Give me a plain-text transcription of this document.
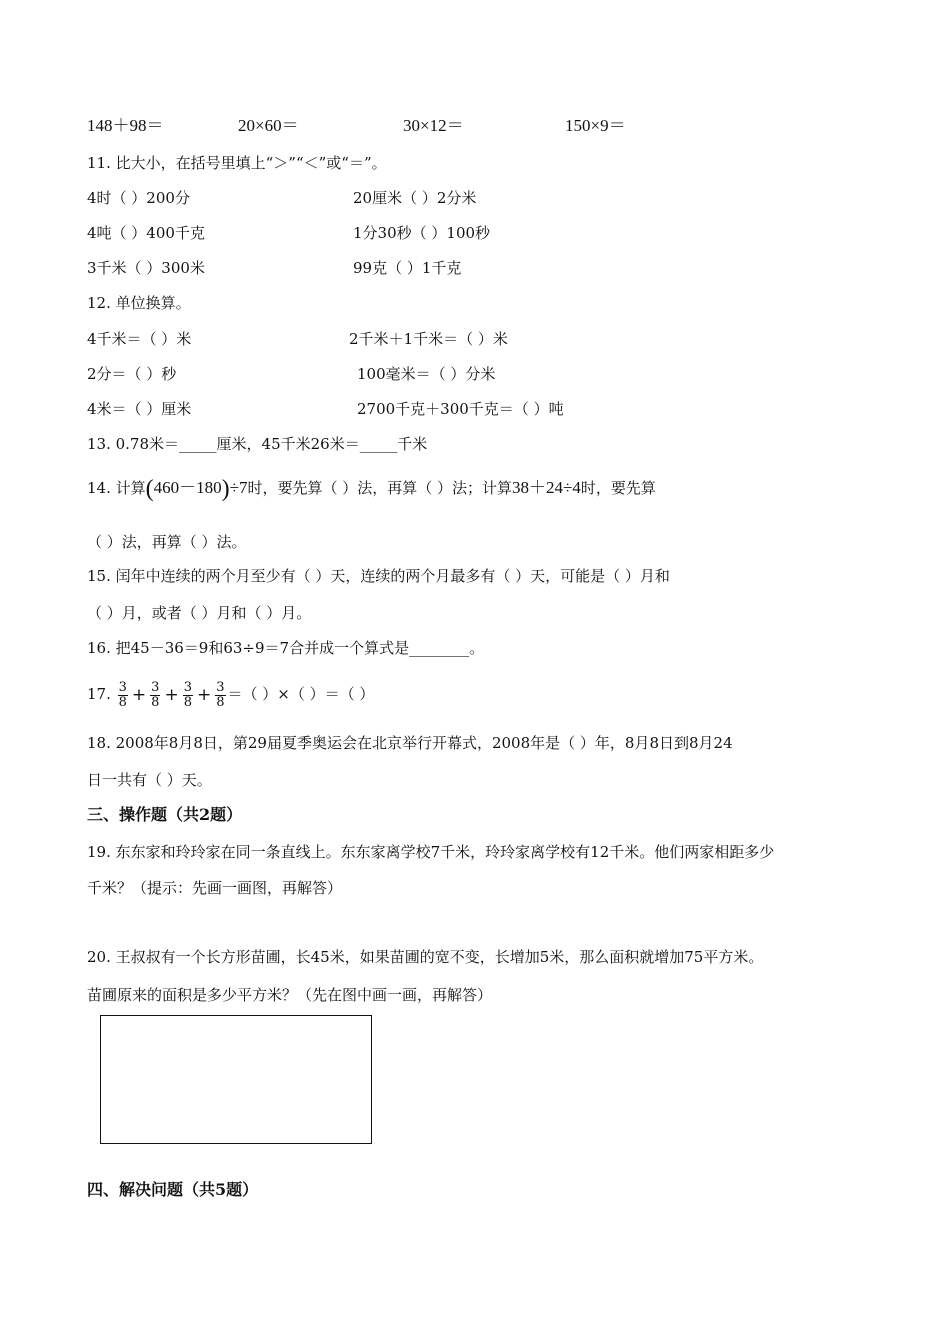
148＋98＝	20×60＝	30×12＝	150×9＝
11. 比大小，在括号里填上“＞”“＜”或“＝”。
4时（ ）200分	20厘米（ ）2分米
4吨（ ）400千克	1分30秒（ ）100秒
3千米（ ）300米	99克（ ）1千克
12. 单位换算。
4千米＝（ ）米	2千米＋1千米＝（ ）米
2分＝（ ）秒	100毫米＝（ ）分米
4米＝（ ）厘米	2700千克＋300千克＝（ ）吨
13. 0.78米＝_____厘米，45千米26米＝_____千米
14. 计算(460－180)÷7时，要先算（ ）法，再算（ ）法；计算38＋24÷4时，要先算
（ ）法，再算（ ）法。
15. 闰年中连续的两个月至少有（ ）天，连续的两个月最多有（ ）天，可能是（ ）月和
（ ）月，或者（ ）月和（ ）月。
16. 把45－36＝9和63÷9＝7合并成一个算式是________。
17. $\frac{3}{8} + \frac{3}{8} + \frac{3}{8} + \frac{3}{8}$ ＝（ ）×（ ）＝（ ）
18. 2008年8月8日，第29届夏季奥运会在北京举行开幕式，2008年是（ ）年，8月8日到8月24
日一共有（ ）天。
三、操作题（共2题）
19. 东东家和玲玲家在同一条直线上。东东家离学校7千米，玲玲家离学校有12千米。他们两家相距多少
千米？（提示：先画一画图，再解答）
20. 王叔叔有一个长方形苗圃，长45米，如果苗圃的宽不变，长增加5米，那么面积就增加75平方米。
苗圃原来的面积是多少平方米？（先在图中画一画，再解答）
四、解决问题（共5题）
